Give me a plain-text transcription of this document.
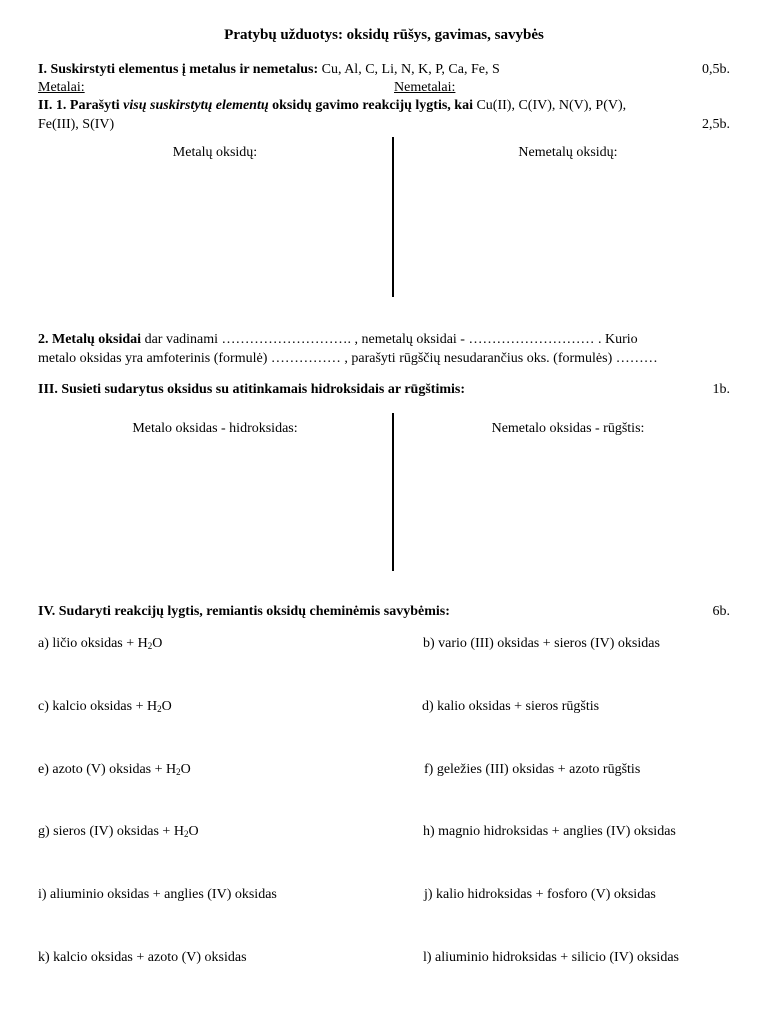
Pratybų užduotys: oksidų rūšys, gavimas, savybės
I. Suskirstyti elementus į metalus ir nemetalus: Cu, Al, C, Li, N, K, P, Ca, Fe, S	0,5b.
Metalai:	Nemetalai:
II. 1. Parašyti visų suskirstytų elementų oksidų gavimo reakcijų lygtis, kai Cu(II), C(IV), N(V), P(V),
Fe(III), S(IV)	2,5b.
Metalų oksidų:	Nemetalų oksidų:
2. Metalų oksidai dar vadinami ………………………. , nemetalų oksidai - ……………………… . Kurio
metalo oksidas yra amfoterinis (formulė) …………… , parašyti rūgščių nesudarančius oks. (formulės) ………
III. Susieti sudarytus oksidus su atitinkamais hidroksidais ar rūgštimis:	1b.
Metalo oksidas - hidroksidas:	Nemetalo oksidas - rūgštis:
IV. Sudaryti reakcijų lygtis, remiantis oksidų cheminėmis savybėmis:	6b.
a) ličio oksidas + $H_2O$	b) vario (III) oksidas + sieros (IV) oksidas
c) kalcio oksidas + $H_2O$	d) kalio oksidas + sieros rūgštis
e) azoto (V) oksidas + $H_2O$	f) geležies (III) oksidas + azoto rūgštis
g) sieros (IV) oksidas + $H_2O$	h) magnio hidroksidas + anglies (IV) oksidas
i) aliuminio oksidas + anglies (IV) oksidas	j) kalio hidroksidas + fosforo (V) oksidas
k) kalcio oksidas + azoto (V) oksidas	l) aliuminio hidroksidas + silicio (IV) oksidas
